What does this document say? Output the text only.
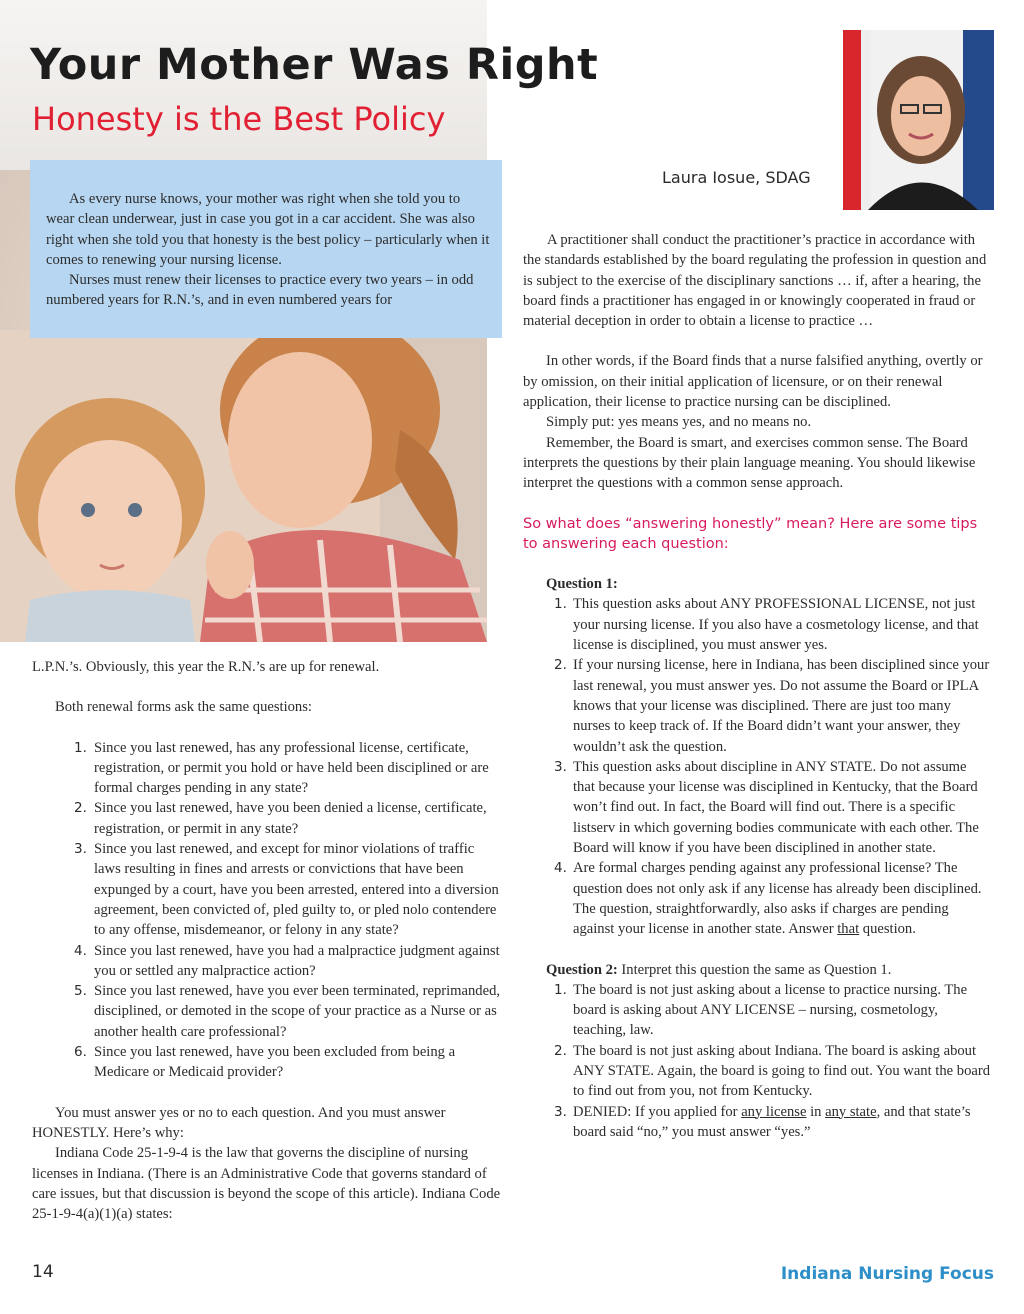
Your Mother Was Right
Honesty is the Best Policy

As every nurse knows, your mother was right when she told you to wear clean underwear, just in case you got in a car accident. She was also right when she told you that honesty is the best policy – particularly when it comes to renewing your nursing license.

Nurses must renew their licenses to practice every two years – in odd numbered years for R.N.’s, and in even numbered years for

Laura Iosue, SDAG

L.P.N.’s. Obviously, this year the R.N.’s are up for renewal.

Both renewal forms ask the same questions:

1. Since you last renewed, has any professional license, certificate, registration, or permit you hold or have held been disciplined or are formal charges pending in any state?
2. Since you last renewed, have you been denied a license, certificate, registration, or permit in any state?
3. Since you last renewed, and except for minor violations of traffic laws resulting in fines and arrests or convictions that have been expunged by a court, have you been arrested, entered into a diversion agreement, been convicted of, pled guilty to, or pled nolo contendere to any offense, misdemeanor, or felony in any state?
4. Since you last renewed, have you had a malpractice judgment against you or settled any malpractice action?
5. Since you last renewed, have you ever been terminated, reprimanded, disciplined, or demoted in the scope of your practice as a Nurse or as another health care professional?
6. Since you last renewed, have you been excluded from being a Medicare or Medicaid provider?

You must answer yes or no to each question. And you must answer HONESTLY. Here’s why:

Indiana Code 25-1-9-4 is the law that governs the discipline of nursing licenses in Indiana. (There is an Administrative Code that governs standard of care issues, but that discussion is beyond the scope of this article). Indiana Code 25-1-9-4(a)(1)(a) states:

A practitioner shall conduct the practitioner’s practice in accordance with the standards established by the board regulating the profession in question and is subject to the exercise of the disciplinary sanctions … if, after a hearing, the board finds a practitioner has engaged in or knowingly cooperated in fraud or material deception in order to obtain a license to practice …

In other words, if the Board finds that a nurse falsified anything, overtly or by omission, on their initial application of licensure, or on their renewal application, their license to practice nursing can be disciplined.

Simply put: yes means yes, and no means no.

Remember, the Board is smart, and exercises common sense. The Board interprets the questions by their plain language meaning. You should likewise interpret the questions with a common sense approach.

So what does “answering honestly” mean? Here are some tips to answering each question:

Question 1:

1. This question asks about ANY PROFESSIONAL LICENSE, not just your nursing license. If you also have a cosmetology license, and that license is disciplined, you must answer yes.
2. If your nursing license, here in Indiana, has been disciplined since your last renewal, you must answer yes. Do not assume the Board or IPLA knows that your license was disciplined. There are just too many nurses to keep track of. If the Board didn’t want your answer, they wouldn’t ask the question.
3. This question asks about discipline in ANY STATE. Do not assume that because your license was disciplined in Kentucky, that the Board won’t find out. In fact, the Board will find out. There is a specific listserv in which governing bodies communicate with each other. The Board will know if you have been disciplined in another state.
4. Are formal charges pending against any professional license? The question does not only ask if any license has already been disciplined. The question, straightforwardly, also asks if charges are pending against your license in another state. Answer that question.

Question 2: Interpret this question the same as Question 1.

1. The board is not just asking about a license to practice nursing. The board is asking about ANY LICENSE – nursing, cosmetology, teaching, law.
2. The board is not just asking about Indiana. The board is asking about ANY STATE. Again, the board is going to find out. You want the board to find out from you, not from Kentucky.
3. DENIED: If you applied for any license in any state, and that state’s board said “no,” you must answer “yes.”
14	Indiana Nursing Focus
